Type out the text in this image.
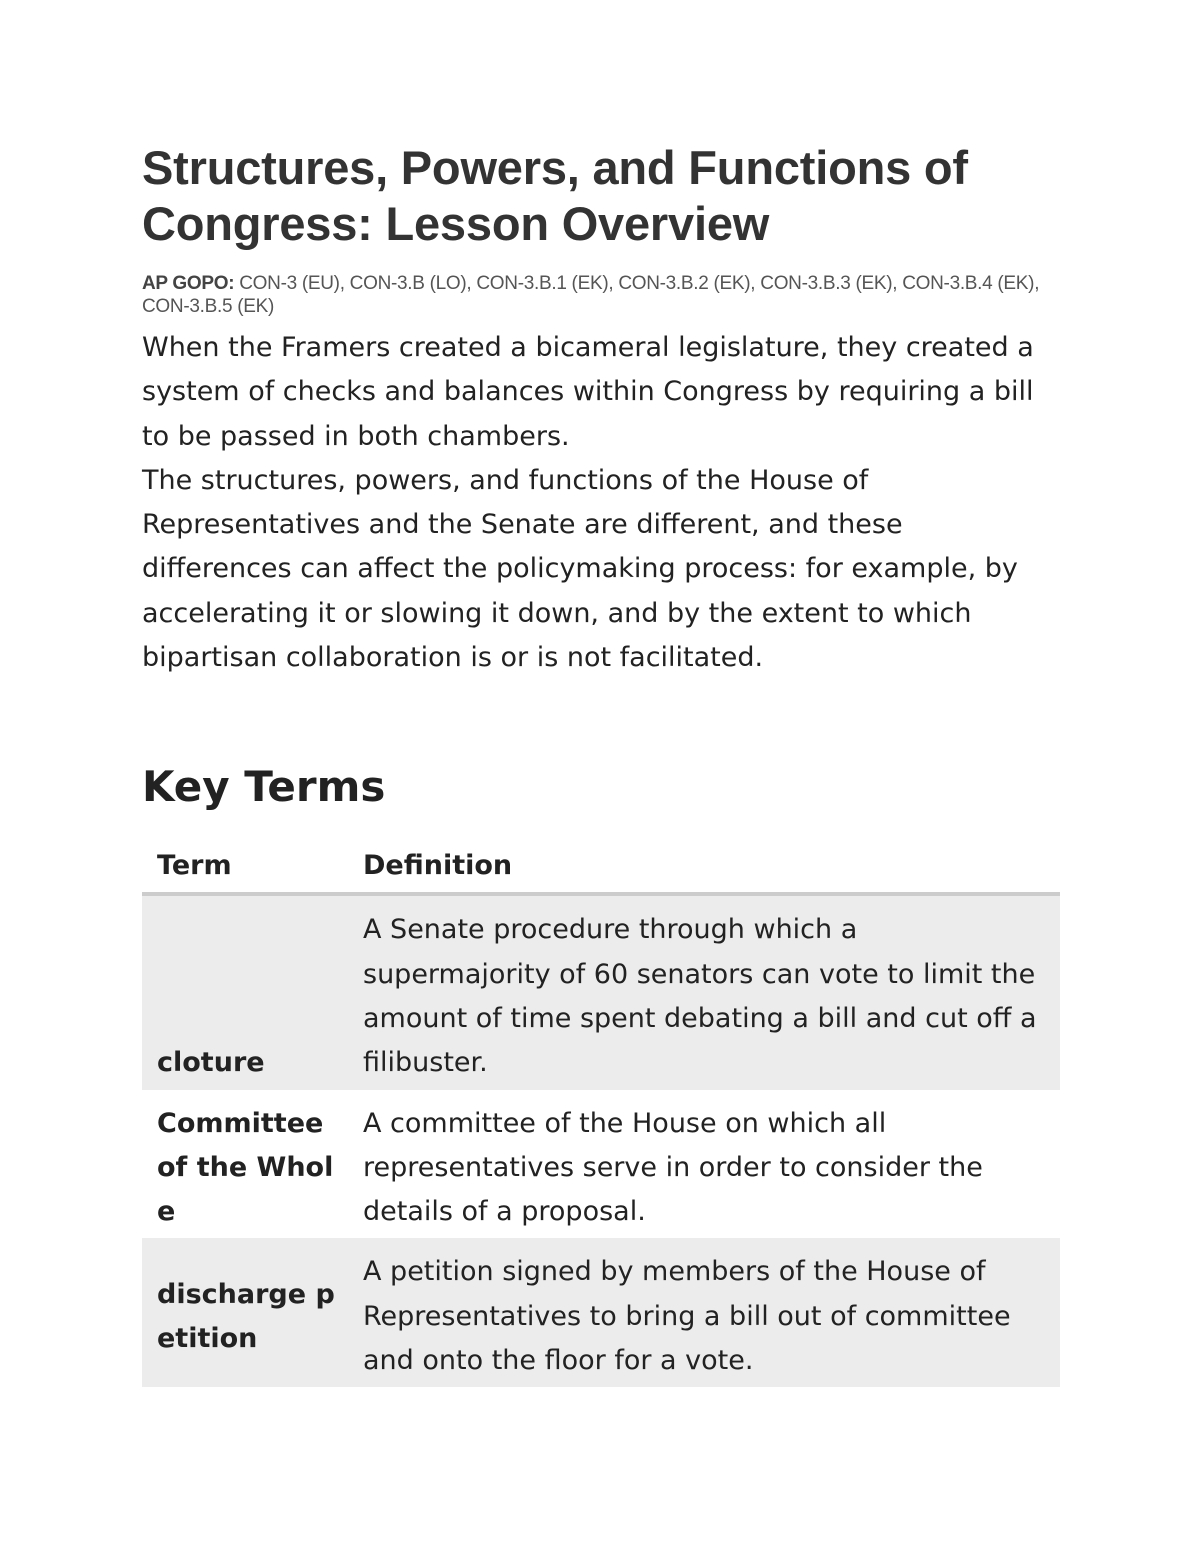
Structures, Powers, and Functions of Congress: Lesson Overview

AP GOPO: CON-3 (EU), CON-3.B (LO), CON-3.B.1 (EK), CON-3.B.2 (EK), CON-3.B.3 (EK), CON-3.B.4 (EK), CON-3.B.5 (EK)

When the Framers created a bicameral legislature, they created a system of checks and balances within Congress by requiring a bill to be passed in both chambers.

The structures, powers, and functions of the House of Representatives and the Senate are different, and these differences can affect the policymaking process: for example, by accelerating it or slowing it down, and by the extent to which bipartisan collaboration is or is not facilitated.

Key Terms
Term	Definition
cloture	A Senate procedure through which a supermajority of 60 senators can vote to limit the amount of time spent debating a bill and cut off a filibuster.
Committee of the Whole	A committee of the House on which all representatives serve in order to consider the details of a proposal.
discharge petition	A petition signed by members of the House of Representatives to bring a bill out of committee and onto the floor for a vote.
